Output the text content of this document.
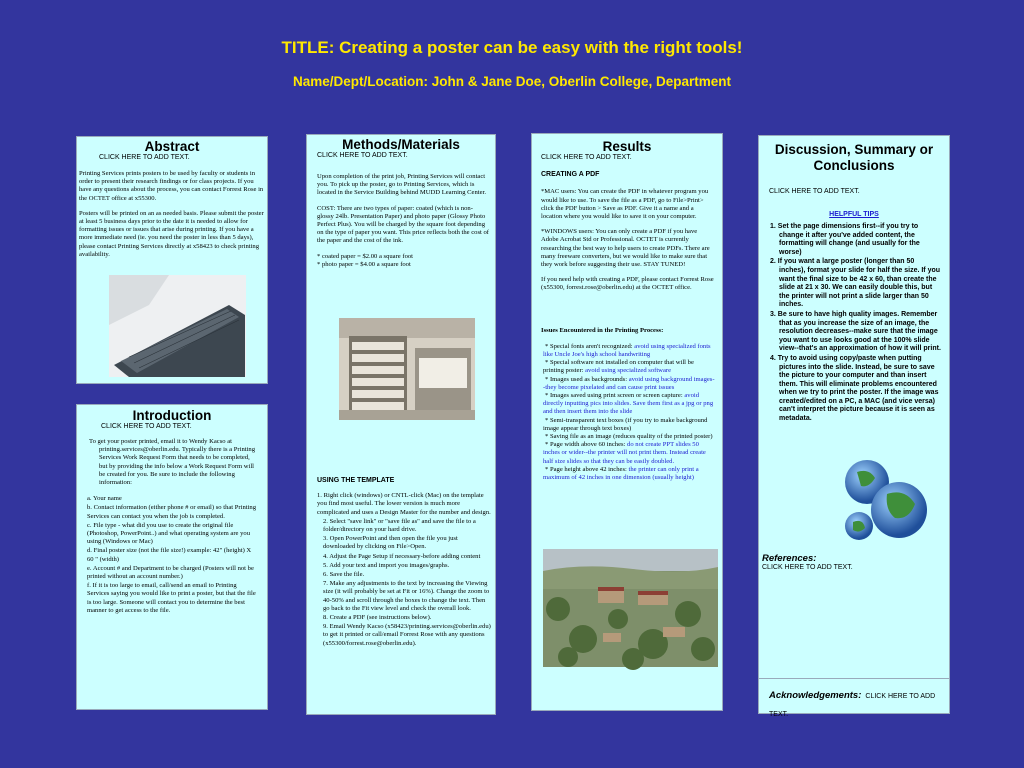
TITLE: Creating a poster can be easy with the right tools!
Name/Dept/Location: John & Jane Doe, Oberlin College, Department
Abstract
CLICK HERE TO ADD TEXT.

Printing Services prints posters to be used by faculty or students in order to present their research findings or for class projects. If you have any questions about the process, you can contact Forrest Rose in the OCTET office at x55300.

Posters will be printed on an as needed basis. Please submit the poster at least 5 business days prior to the date it is needed to allow for formatting issues or issues that arise during printing. If you have a more immediate need (ie. you need the poster in less than 5 days), please contact Printing Services directly at x58423 to check printing availability.

Introduction
CLICK HERE TO ADD TEXT.

To get your poster printed, email it to Wendy Kacso at printing.services@oberlin.edu. Typically there is a Printing Services Work Request Form that needs to be completed, but by providing the info below a Work Request Form will be created for you. Be sure to include the following information:

a. Your name
b. Contact information (either phone # or email) so that Printing Services can contact you when the job is completed.
c. File type - what did you use to create the original file (Photoshop, PowerPoint..) and what operating system are you using (Windows or Mac)
d. Final poster size (not the file size!) example: 42" (height) X 60 " (width)
e. Account # and Department to be charged (Posters will not be printed without an account number.)
f. If it is too large to email, call/send an email to Printing Services saying you would like to print a poster, but that the file is too large. Someone will contact you to determine the best manner to get access to the file.
Methods/Materials
CLICK HERE TO ADD TEXT.

Upon completion of the print job, Printing Services will contact you. To pick up the poster, go to Printing Services, which is located in the Service Building behind MUDD Learning Center.

COST: There are two types of paper: coated (which is non-glossy 24lb. Presentation Paper) and photo paper (Glossy Photo Perfect Plus). You will be charged by the square foot depending on the type of paper you want. This price reflects both the cost of the paper and the cost of the ink.

* coated paper = $2.00 a square foot
* photo paper = $4.00 a square foot
USING THE TEMPLATE
1. Right click (windows) or CNTL-click (Mac) on the template you find most useful. The lower version is much more complicated and uses a Design Master for the number and design.
2. Select "save link" or "save file as" and save the file to a folder/directory on your hard drive.
3. Open PowerPoint and then open the file you just downloaded by clicking on File>Open.
4. Adjust the Page Setup if necessary-before adding content
5. Add your text and import you images/graphs.
6. Save the file.
7. Make any adjustments to the text by increasing the Viewing size (it will probably be set at Fit or 16%). Change the zoom to 40-50% and scroll through the boxes to change the text. Then go back to the Fit view level and check the overall look.
8. Create a PDF (see instructions below).
9. Email Wendy Kacso (x58423/printing.services@oberlin.edu) to get it printed or call/email Forrest Rose with any questions (x55300/forrest.rose@oberlin.edu).
Results
CLICK HERE TO ADD TEXT.
CREATING A PDF

*MAC users: You can create the PDF in whatever program you would like to use. To save the file as a PDF, go to File>Print> click the PDF button > Save as PDF. Give it a name and a location where you would like to save it on your computer.

*WINDOWS users: You can only create a PDF if you have Adobe Acrobat Std or Professional. OCTET is currently researching the best way to help users to create PDFs. There are many freeware converters, but we would like to make sure that they work before suggesting their use. STAY TUNED!

If you need help with creating a PDF, please contact Forrest Rose (x55300, forrest.rose@oberlin.edu) at the OCTET office.

Issues Encountered in the Printing Process:
* Special fonts aren't recognized: avoid using specialized fonts like Uncle Joe's high school handwriting
* Special software not installed on computer that will be printing poster: avoid using specialized software
* Images used as backgrounds: avoid using background images--they become pixelated and can cause print issues
* Images saved using print screen or screen capture: avoid directly inputting pics into slides. Save them first as a jpg or png and then insert them into the slide
* Semi-transparent text boxes (if you try to make background image appear through text boxes)
* Saving file as an image (reduces quality of the printed poster)
* Page width above 60 inches: do not create PPT slides 50 inches or wider--the printer will not print them. Instead create half size slides so that they can be easily doubled.
* Page height above 42 inches: the printer can only print a maximum of 42 inches in one dimension (usually height)
Discussion, Summary or Conclusions
CLICK HERE TO ADD TEXT.
HELPFUL TIPS
1. Set the page dimensions first--if you try to change it after you've added content, the formatting will change (and usually for the worse)
2. If you want a large poster (longer than 50 inches), format your slide for half the size. If you want the final size to be 42 x 60, than create the slide at 21 x 30. We can easily double this, but the printer will not print a slide larger than 50 inches.
3. Be sure to have high quality images. Remember that as you increase the size of an image, the resolution decreases--make sure that the image you want to use looks good at the 100% slide view--that's an approximation of how it will print.
4. Try to avoid using copy/paste when putting pictures into the slide. Instead, be sure to save the picture to your computer and than insert them. This will eliminate problems encountered when we try to print the poster. If the image was created/edited on a PC, a MAC (and vice versa) can't interpret the picture because it is seen as metadata.
References:
CLICK HERE TO ADD TEXT.
Acknowledgements: CLICK HERE TO ADD TEXT.
